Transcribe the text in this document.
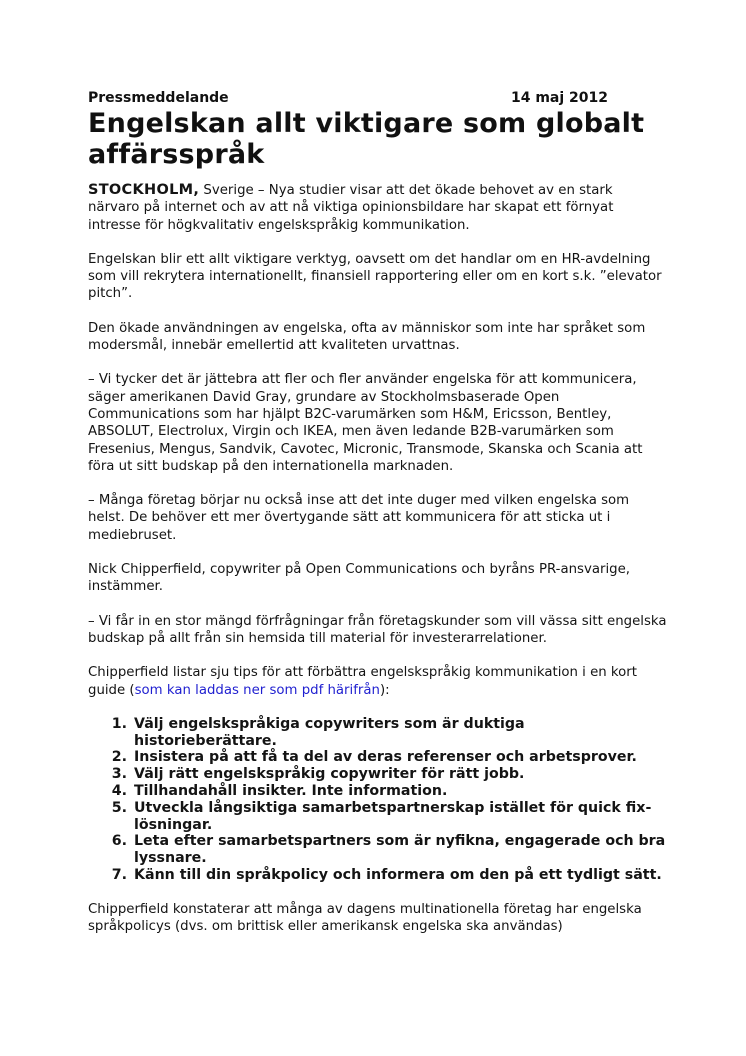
Pressmeddelande	14 maj 2012
Engelskan allt viktigare som globalt affärsspråk

STOCKHOLM, Sverige – Nya studier visar att det ökade behovet av en stark närvaro på internet och av att nå viktiga opinionsbildare har skapat ett förnyat intresse för högkvalitativ engelskspråkig kommunikation.

Engelskan blir ett allt viktigare verktyg, oavsett om det handlar om en HR-avdelning som vill rekrytera internationellt, finansiell rapportering eller om en kort s.k. ”elevator pitch”.

Den ökade användningen av engelska, ofta av människor som inte har språket som modersmål, innebär emellertid att kvaliteten urvattnas.

– Vi tycker det är jättebra att fler och fler använder engelska för att kommunicera, säger amerikanen David Gray, grundare av Stockholmsbaserade Open Communications som har hjälpt B2C-varumärken som H&M, Ericsson, Bentley, ABSOLUT, Electrolux, Virgin och IKEA, men även ledande B2B-varumärken som Fresenius, Mengus, Sandvik, Cavotec, Micronic, Transmode, Skanska och Scania att föra ut sitt budskap på den internationella marknaden.

– Många företag börjar nu också inse att det inte duger med vilken engelska som helst. De behöver ett mer övertygande sätt att kommunicera för att sticka ut i mediebruset.

Nick Chipperfield, copywriter på Open Communications och byråns PR-ansvarige, instämmer.

– Vi får in en stor mängd förfrågningar från företagskunder som vill vässa sitt engelska budskap på allt från sin hemsida till material för investerarrelationer.

Chipperfield listar sju tips för att förbättra engelskspråkig kommunikation i en kort guide (som kan laddas ner som pdf härifrån):

1. Välj engelskspråkiga copywriters som är duktiga historieberättare.
2. Insistera på att få ta del av deras referenser och arbetsprover.
3. Välj rätt engelskspråkig copywriter för rätt jobb.
4. Tillhandahåll insikter. Inte information.
5. Utveckla långsiktiga samarbetspartnerskap istället för quick fix-lösningar.
6. Leta efter samarbetspartners som är nyfikna, engagerade och bra lyssnare.
7. Känn till din språkpolicy och informera om den på ett tydligt sätt.

Chipperfield konstaterar att många av dagens multinationella företag har engelska språkpolicys (dvs. om brittisk eller amerikansk engelska ska användas)
